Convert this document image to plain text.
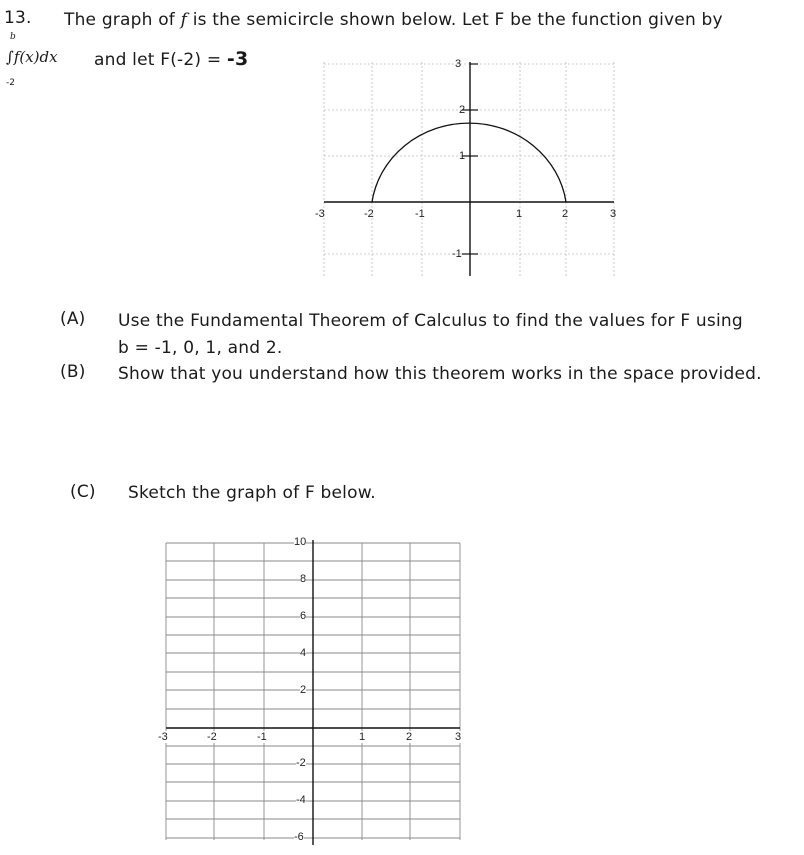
13. The graph of f is the semicircle shown below. Let F be the function given by
b
∫f(x)dx
-2
and let F(-2) = -3	3
2
1
-1
-3	-2	-1	1	2	3
(A) Use the Fundamental Theorem of Calculus to find the values for F using
b = -1, 0, 1, and 2.
(B) Show that you understand how this theorem works in the space provided.
(C) Sketch the graph of F below.
10
8
6
4
2
-2
-4
-6
-3	-2	-1	1	2	3
